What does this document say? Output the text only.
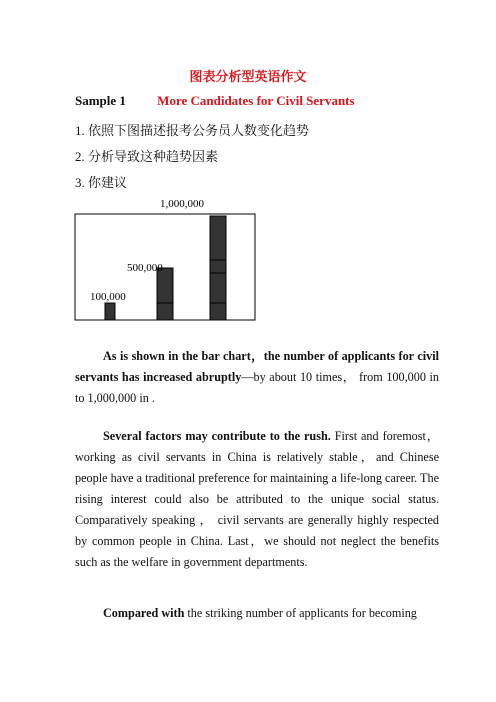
图表分析型英语作文
Sample 1 More Candidates for Civil Servants
1. 依照下图描述报考公务员人数变化趋势
2. 分析导致这种趋势因素
3. 你建议
100,000
500,000
1,000,000
As is shown in the bar chart，the number of applicants for civil servants has increased abruptly—by about 10 times， from 100,000 in to 1,000,000 in .
Several factors may contribute to the rush. First and foremost，working as civil servants in China is relatively stable，and Chinese people have a traditional preference for maintaining a life-long career. The rising interest could also be attributed to the unique social status. Comparatively speaking ， civil servants are generally highly respected by common people in China. Last，we should not neglect the benefits such as the welfare in government departments.
Compared with the striking number of applicants for becoming
